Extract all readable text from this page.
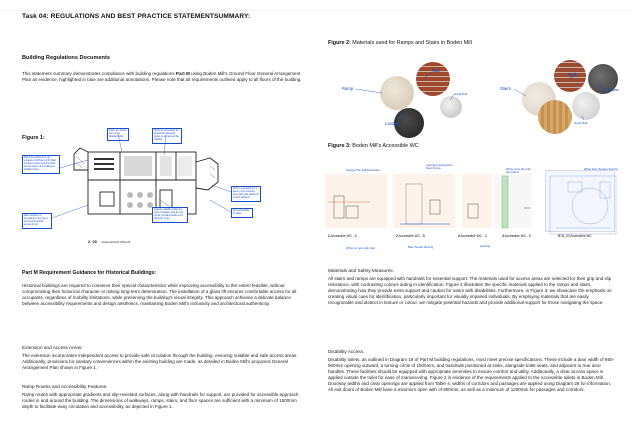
Task 04: REGULATIONS AND BEST PRACTICE STATEMENTSUMMARY:
Building Regulations Documents
This statement summary demonstrates compliance with building regulations Part M using Boden Mill's Ground Floor General Arrangement Plan as evidence; highlighted in blue are additional annotations. Please note that all requirements outlined apply to all floors of the building.
Figure 1:
Doors are double door to the disabled toilet.
Steps are accessible for wheelchair approach routes in and around the building.
Ramp accessible from the entrance of all floors & lift. Main entrance meets level threshold access point to the building for disabled users.
Main entrance is accessible to the street and level threshold access for all.
Door is accessible for a family of the entrance area, with wide landing to remain sufficient.
Area accessible in toilets.
Seating available within the main circulation area for rest points, providing tactile cues along the route.
2_00 Ground Floor Plan M
Part M Requirement Guidance for Historical Buildings:
Historical buildings are required to conserve their special characteristics while improving accessibility to the extent feasible, without compromising their historical character or risking long-term deterioration. The installation of a glass lift ensures comfortable access for all occupants, regardless of mobility limitations, while preserving the building's visual integrity. This approach achieves a delicate balance between accessibility requirements and design aesthetics, maintaining Boden Mill's inclusivity and architectural authenticity.
Extension and Access Areas:
The extension incorporates independent access to provide safe circulation through the building, ensuring suitable and safe access areas. Additionally, provisions for sanitary conveniences within the existing building are made, as detailed in Boden Mill's proposed General Arrangement Plan shown in Figure 1.
Ramp Routes and Accessibility Features:
Ramp routes with appropriate gradients and slip-resistant surfaces, along with handrails for support, are provided for accessible approach routes in and around the building. The dimensions of walkways, ramps, stairs, and floor spaces are sufficient with a minimum of 1500mm depth to facilitate easy circulation and accessibility, as depicted in Figure 1.
Figure 2: Materials used for Ramps and Stairs in Boden Mill
Wall
Ramp
Hand Rail
Landing
Stairs
Wall
Stair Nose
Hand Rail
Figure 3: Boden Mill's Accessible WC
Orange Tile wall Decoration
Contrast visual colour Door Frame
White on pan grab rails	Blue Tensile Skirting	Landing
White outer tile wall decoration
White Spin Tension flooring
1 Accessible WC - A	2 Accessible WC - B	3 Accessible WC - C	4 Accessible WC - D	5 05_00 Accessible WC
Materials and Safety Measures:
All stairs and ramps are equipped with handrails for essential support. The materials used for access areas are selected for their grip and slip resistance, with contrasting colours aiding in identification. Figure 2 illustrates the specific materials applied to the ramps and stairs, demonstrating how they provide extra support and caution for users with disabilities. Furthermore, in Figure 3, we showcase the emphasis on creating visual cues for identification, particularly important for visually impaired individuals. By employing materials that are easily recognizable and distinct in texture or colour, we mitigate potential hazards and provide additional support for those navigating the space.
Disability Access:
Disability toilets, as outlined in Diagram 18 of Part M building regulations, must meet precise specifications. These include a door width of 850-900mm opening outward, a turning circle of 1500mm, and handrails positioned at sinks, alongside toilet seats, and adjacent to rear door handles. These facilities should be equipped with appropriate amenities to ensure comfort and utility. Additionally, a clear access space is applied outside the toilet for ease of manoeuvring. Figure 2 is evidence of the requirements applied to the Accessible toilets in Boden Mill. Doorway widths and clear openings are applied from Table 4, widths of corridors and passages are applied using Diagram 28 for information. All exit doors of Boden Mill have a minimum open with of 900mm, as well as a minimum of 1200mm for passages and corridors.
